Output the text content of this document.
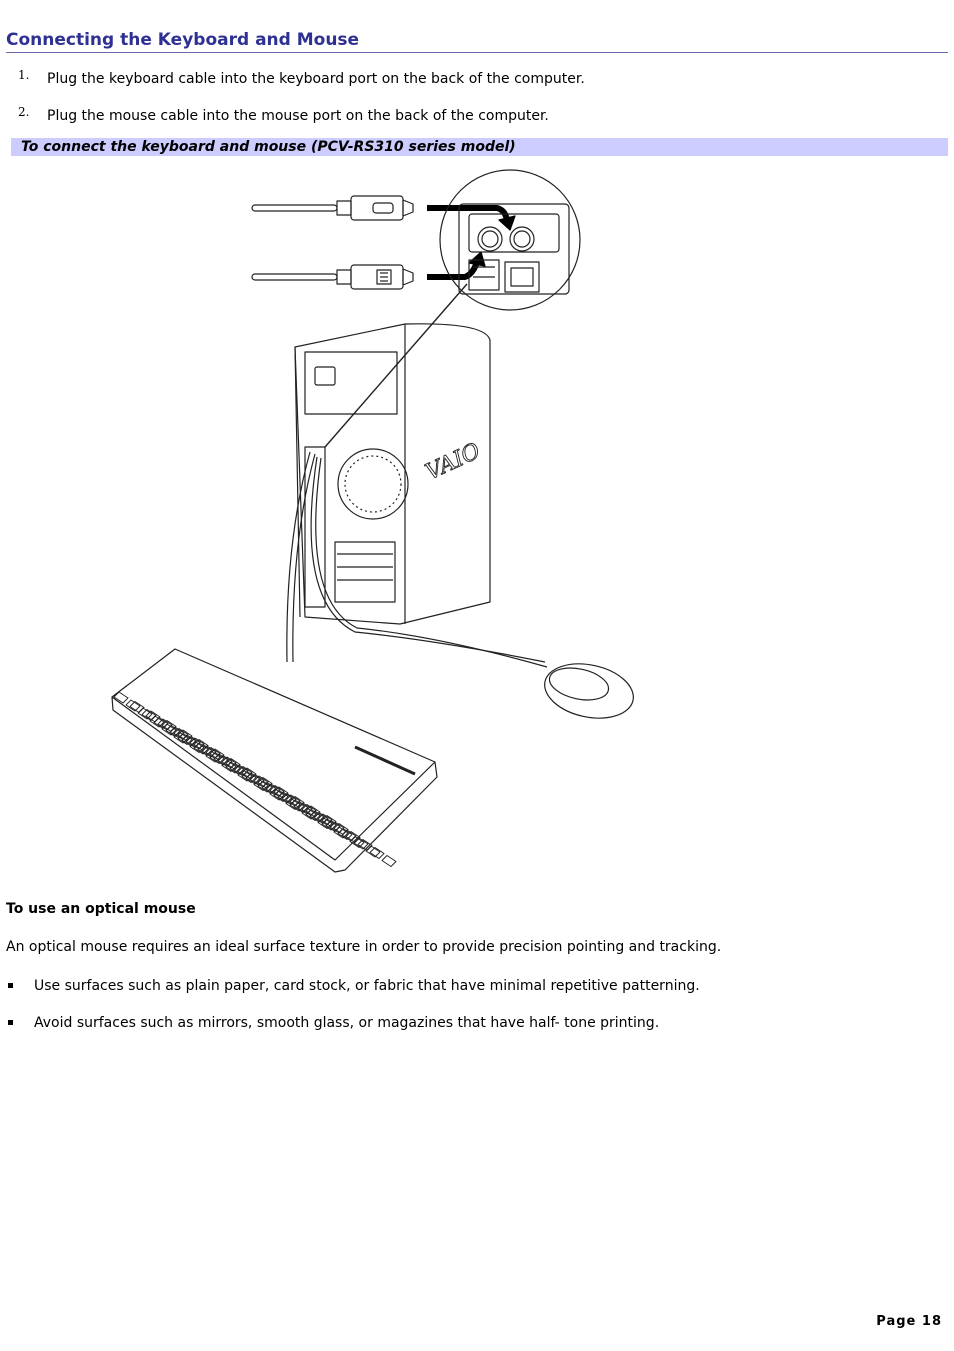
Connecting the Keyboard and Mouse
1. Plug the keyboard cable into the keyboard port on the back of the computer.
2. Plug the mouse cable into the mouse port on the back of the computer.
To connect the keyboard and mouse (PCV-RS310 series model)
VAIO
To use an optical mouse
An optical mouse requires an ideal surface texture in order to provide precision pointing and tracking.
Use surfaces such as plain paper, card stock, or fabric that have minimal repetitive patterning.
Avoid surfaces such as mirrors, smooth glass, or magazines that have half- tone printing.
Page 18
